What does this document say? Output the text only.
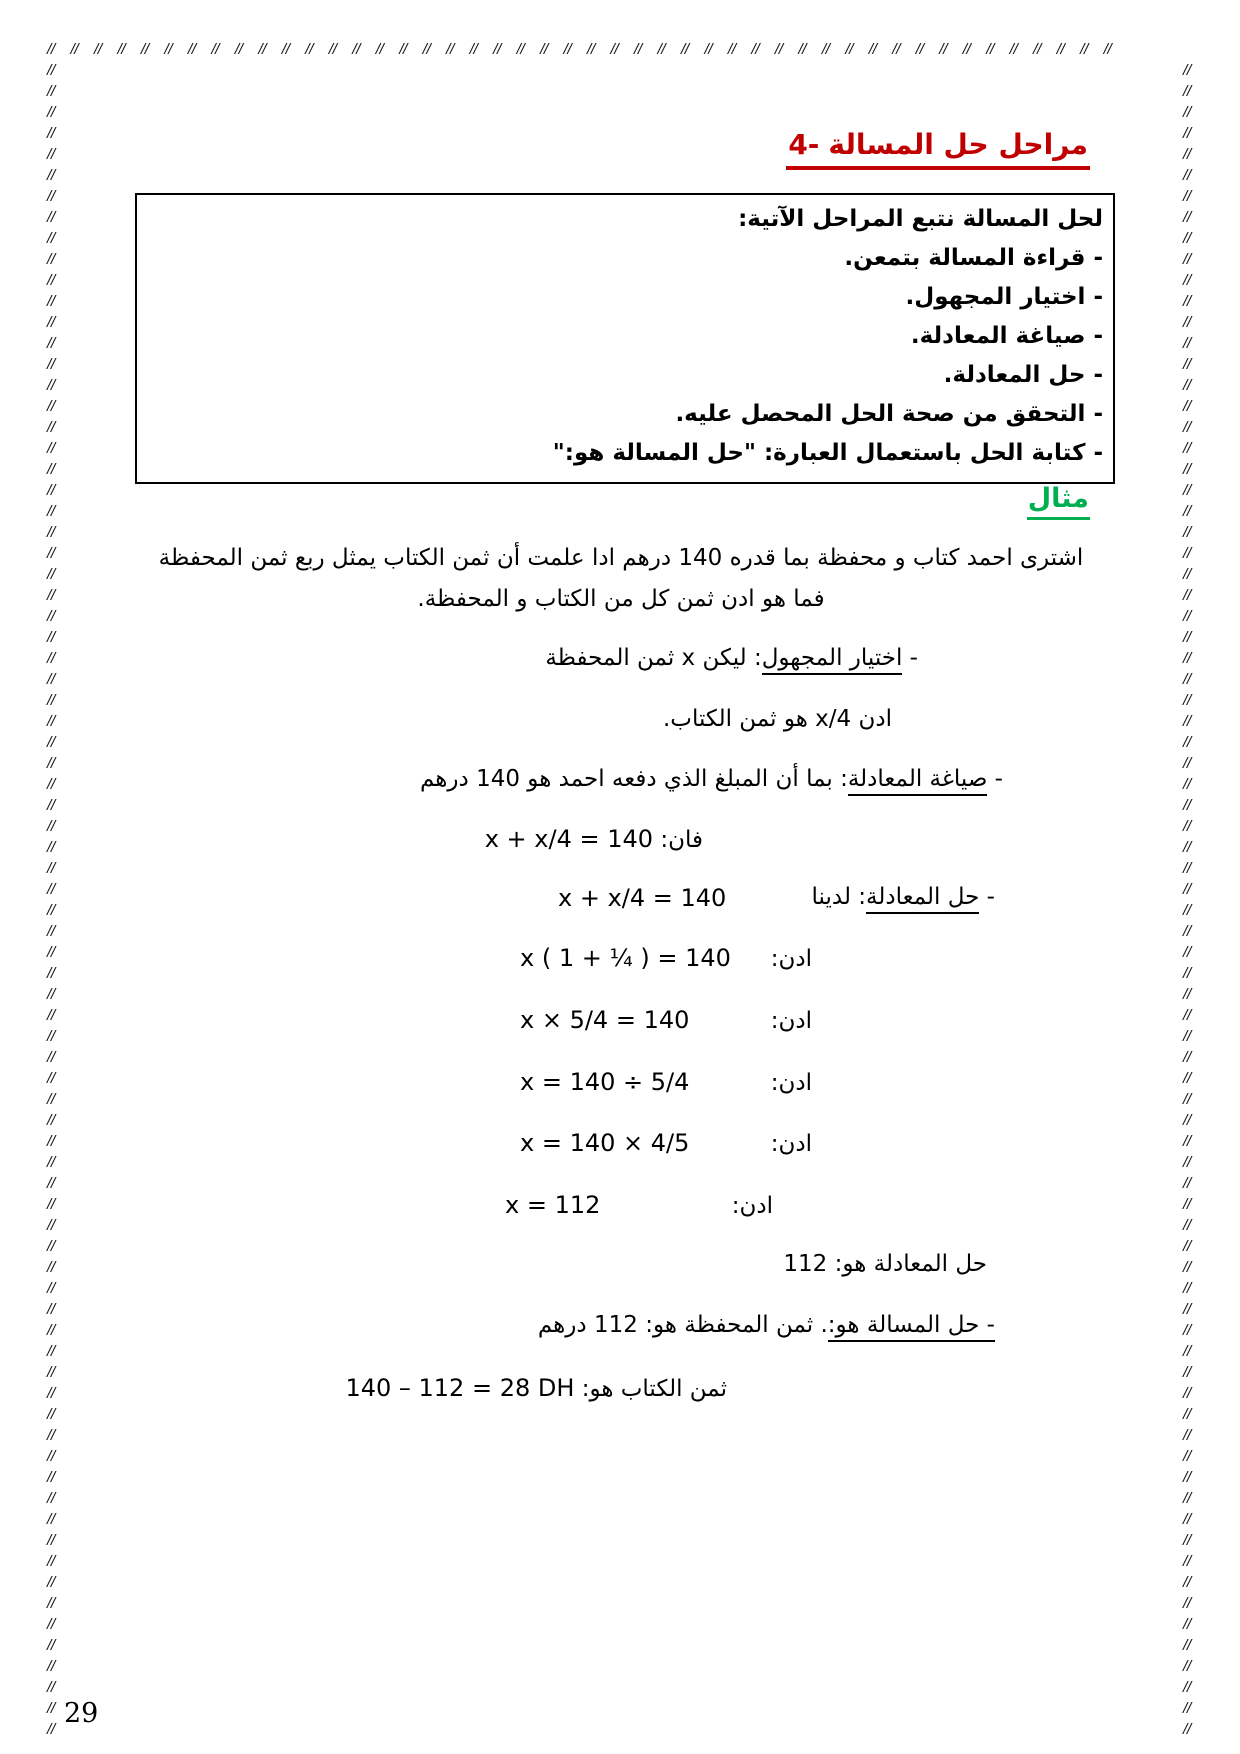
// // // // // // // // // // // // // // // // // // // // // // // // // // // // // // // // // // // // // // // // // // // // // //
// // // // // // // // // // // // // // // // // // // // // // // // // // // // // // // // // // // // // // // // // // // // // // // // // // // // // // // // // // // // // // // // // // // // // // // // // // // // // // // //
// // // // // // // // // // // // // // // // // // // // // // // // // // // // // // // // // // // // // // // // // // // // // // // // // // // // // // // // // // // // // // // // // // // // // // // // // // // // // // // //
4- مراحل حل المسالة
لحل المسالة نتبع المراحل الآتية:
- قراءة المسالة بتمعن.
- اختيار المجهول.
- صياغة المعادلة.
- حل المعادلة.
- التحقق من صحة الحل المحصل عليه.
- كتابة الحل باستعمال العبارة: "حل المسالة هو:"
مثال
اشترى احمد كتاب و محفظة بما قدره 140 درهم ادا علمت أن ثمن الكتاب يمثل ربع ثمن المحفظة فما هو ادن ثمن كل من الكتاب و المحفظة.
- اختيار المجهول: ليكن x ثمن المحفظة
ادن x/4 هو ثمن الكتاب.
- صياغة المعادلة: بما أن المبلغ الذي دفعه احمد هو 140 درهم
فان: x + x/4 = 140
- حل المعادلة: لدينا
x + x/4 = 140
ادن:
x ( 1 + ¼ ) = 140
ادن:
x × 5/4 = 140
ادن:
x = 140 ÷ 5/4
ادن:
x = 140 × 4/5
ادن:
x = 112
حل المعادلة هو: 112
- حل المسالة هو:. ثمن المحفظة هو: 112 درهم
ثمن الكتاب هو: 140 – 112 = 28 DH
29
